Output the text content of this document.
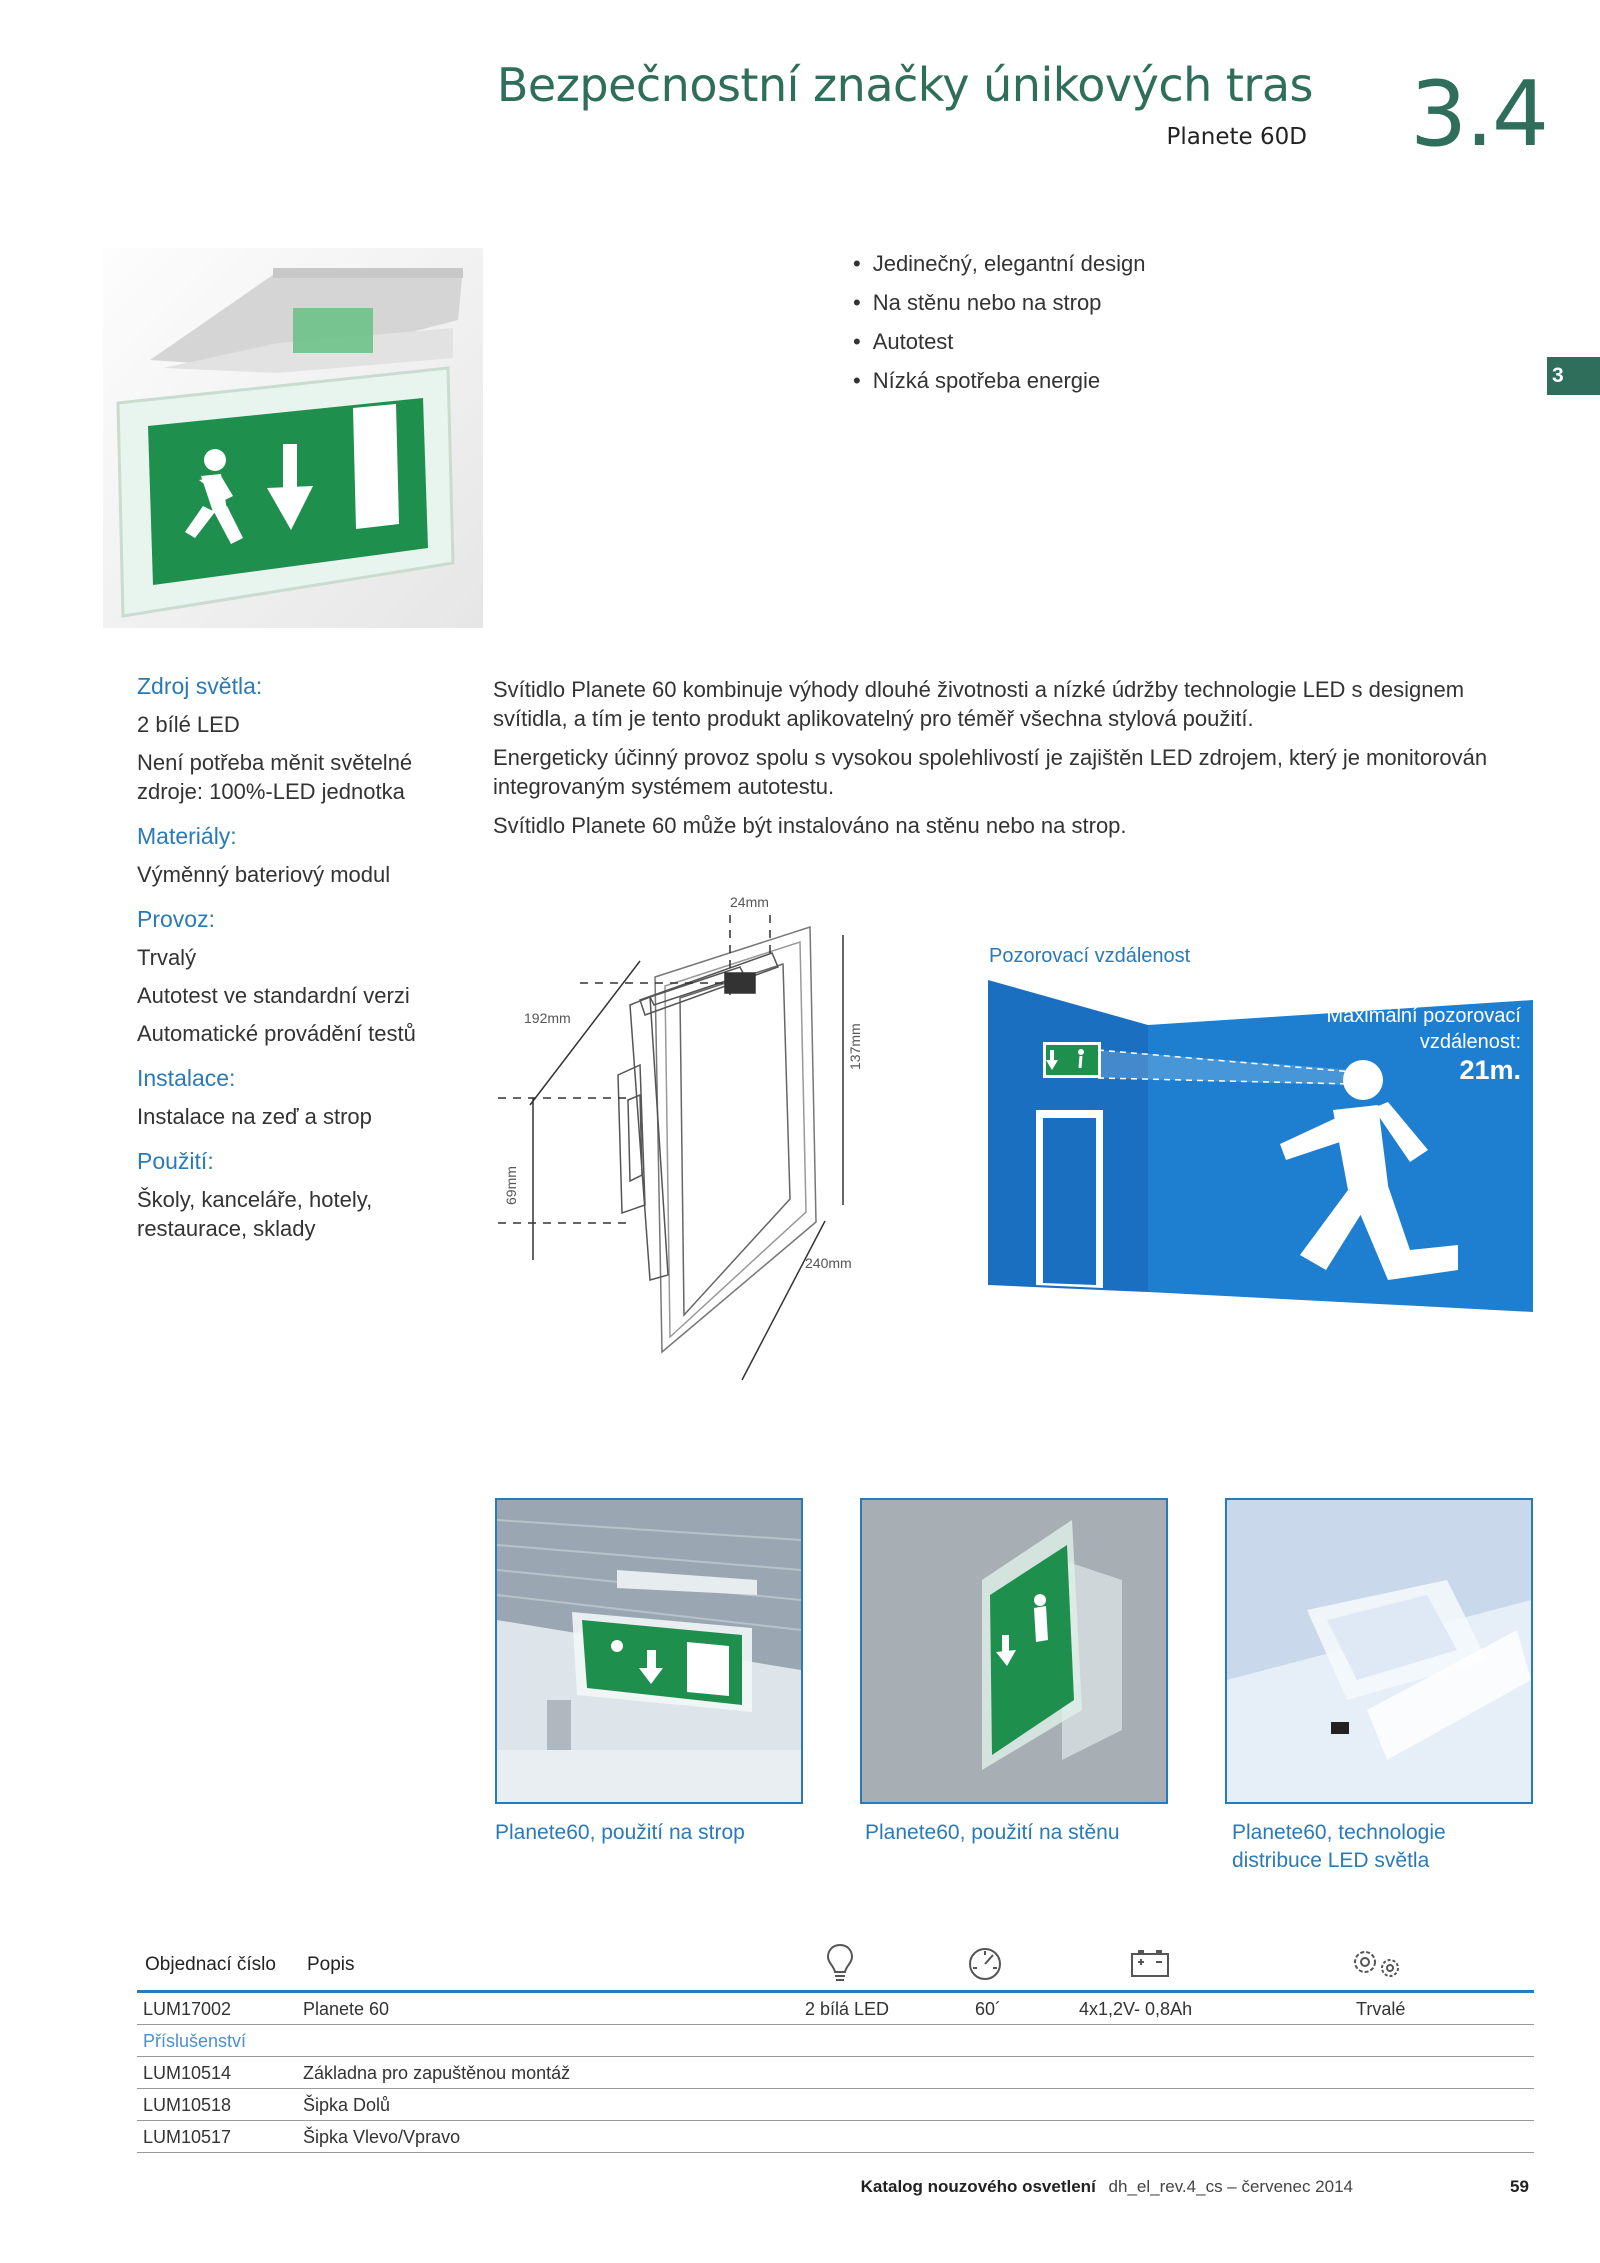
Bezpečnostní značky únikových tras
Planete 60D 3.4
3
• Jedinečný, elegantní design
• Na stěnu nebo na strop
• Autotest
• Nízká spotřeba energie
Zdroj světla:
2 bílé LED
Není potřeba měnit světelné zdroje: 100%-LED jednotka
Materiály:
Výměnný bateriový modul
Provoz:
Trvalý
Autotest ve standardní verzi
Automatické provádění testů
Instalace:
Instalace na zeď a strop
Použití:
Školy, kanceláře, hotely, restaurace, sklady

Svítidlo Planete 60 kombinuje výhody dlouhé životnosti a nízké údržby technologie LED s designem svítidla, a tím je tento produkt aplikovatelný pro téměř všechna stylová použití.

Energeticky účinný provoz spolu s vysokou spolehlivostí je zajištěn LED zdrojem, který je monitorován integrovaným systémem autotestu.

Svítidlo Planete 60 může být instalováno na stěnu nebo na strop.

24mm
192mm
137mm
69mm
240mm
Pozorovací vzdálenost
Maximální pozorovací
vzdálenost:
21m.
Planete60, použití na strop	Planete60, použití na stěnu	Planete60, technologie
distribuce LED světla
Objednací číslo Popis
LUM17002	Planete 60	2 bílá LED	60´	4x1,2V- 0,8Ah	Trvalé
Příslušenství
LUM10514	Základna pro zapuštěnou montáž
LUM10518	Šipka Dolů
LUM10517	Šipka Vlevo/Vpravo
Katalog nouzového osvetlení dh_el_rev.4_cs – červenec 2014	59
